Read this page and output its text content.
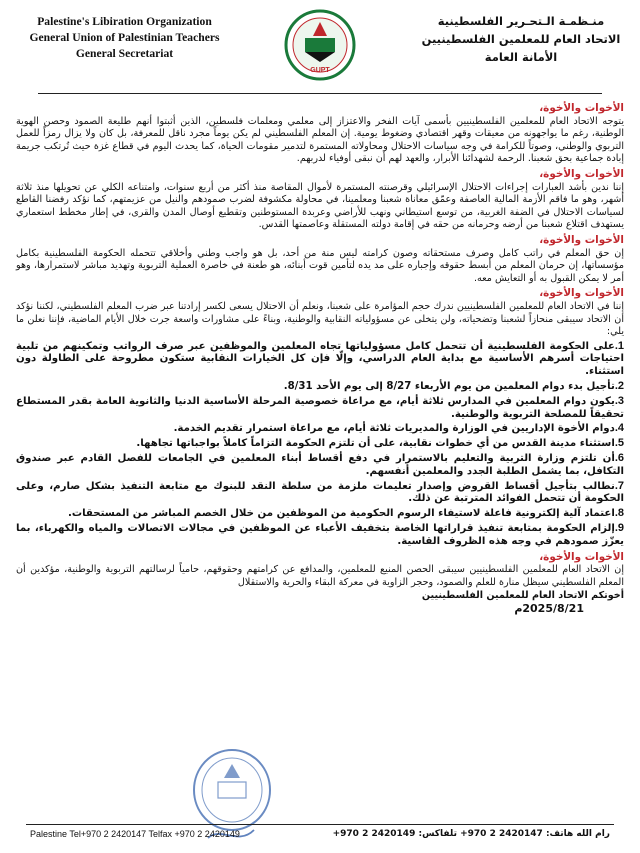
Palestine's Libiration Organization
General Union of Palestinian Teachers
General Secretariat
GUPT
منـظمـة الـتحـرير الفلسطينية
الاتحاد العام للمعلمين الفلسطينيين
الأمانة العامة
الأخوات والأخوة،

يتوجه الاتحاد العام للمعلمين الفلسطينيين بأسمى آيات الفخر والاعتزاز إلى معلمي ومعلمات فلسطين، الذين أثبتوا أنهم طليعة الصمود وحصن الهوية الوطنية، رغم ما يواجهونه من معيقات وقهر اقتصادي وضغوط يومية. إن المعلم الفلسطيني لم يكن يوماً مجرد ناقل للمعرفة، بل كان ولا يزال رمزاً للعمل التربوي والوطني، وصوتاً للكرامة في وجه سياسات الاحتلال ومحاولاته المستمرة لتدمير مقومات الحياة، كما يحدث اليوم في قطاع غزة حيث تُرتكب جريمة إبادة جماعية بحق شعبنا. الرحمة لشهدائنا الأبرار، والعهد لهم أن نبقى أوفياء لدربهم.

الأخوات والأخوة،

إننا ندين بأشد العبارات إجراءات الاحتلال الإسرائيلي وقرصنته المستمرة لأموال المقاصة منذ أكثر من أربع سنوات، وامتناعه الكلي عن تحويلها منذ ثلاثة أشهر، وهو ما فاقم الأزمة المالية العاصفة وعمّق معاناة شعبنا ومعلمينا، في محاولة مكشوفة لضرب صمودهم والنيل من عزيمتهم، كما نؤكد رفضنا القاطع لسياسات الاحتلال في الضفة الغربية، من توسع استيطاني ونهب للأراضي وعربدة المستوطنين وتقطيع أوصال المدن والقرى، في إطار مخطط استعماري يستهدف اقتلاع شعبنا من أرضه وحرمانه من حقه في إقامة دولته المستقلة وعاصمتها القدس.

الأخوات والأخوة،

إن حق المعلم في راتب كامل وصرف مستحقاته وصون كرامته ليس منة من أحد، بل هو واجب وطني وأخلاقي تتحمله الحكومة الفلسطينية بكامل مؤسساتها، إن حرمان المعلم من أبسط حقوقه وإجباره على مد يده لتأمين قوت أبنائه، هو طعنة في خاصرة العملية التربوية وتهديد مباشر لاستمرارها، وهو أمر لا يمكن القبول به أو التعايش معه.

الأخوات والأخوة،

إننا في الاتحاد العام للمعلمين الفلسطينيين ندرك حجم المؤامرة على شعبنا، ونعلم أن الاحتلال يسعى لكسر إرادتنا عبر ضرب المعلم الفلسطيني، لكننا نؤكد أن الاتحاد سيبقى منحازاً لشعبنا وتضحياته، ولن يتخلى عن مسؤولياته النقابية والوطنية، وبناءً على مشاورات واسعة جرت خلال الأيام الماضية، فإننا نعلن ما يلي:

1.على الحكومة الفلسطينية أن تتحمل كامل مسؤولياتها تجاه المعلمين والموظفين عبر صرف الرواتب وتمكينهم من تلبية احتياجات أسرهم الأساسية مع بداية العام الدراسي، وإلّا فإن كل الخيارات النقابية ستكون مطروحة على الطاولة دون استثناء.
2.تأجيل بدء دوام المعلمين من يوم الأربعاء 8/27 إلى يوم الأحد 8/31.
3.يكون دوام المعلمين في المدارس ثلاثة أيام، مع مراعاة خصوصية المرحلة الأساسية الدنيا والثانوية العامة بقدر المستطاع تحقيقاً للمصلحة التربوية والوطنية.
4.دوام الأخوة الإداريين في الوزارة والمديريات ثلاثة أيام، مع مراعاة استمرار تقديم الخدمة.
5.استثناء مدينة القدس من أي خطوات نقابية، على أن تلتزم الحكومة التزاماً كاملاً بواجباتها تجاهها.
6.أن تلتزم وزارة التربية والتعليم بالاستمرار في دفع أقساط أبناء المعلمين في الجامعات للفصل القادم عبر صندوق التكافل، بما يشمل الطلبة الجدد والمعلمين أنفسهم.
7.نطالب بتأجيل أقساط القروض وإصدار تعليمات ملزمة من سلطة النقد للبنوك مع متابعة التنفيذ بشكل صارم، وعلى الحكومة أن تتحمل الفوائد المترتبة عن ذلك.
8.اعتماد آلية إلكترونية فاعلة لاستيفاء الرسوم الحكومية من الموظفين من خلال الخصم المباشر من المستحقات.
9.إلزام الحكومة بمتابعة تنفيذ قراراتها الخاصة بتخفيف الأعباء عن الموظفين في مجالات الاتصالات والمياه والكهرباء، بما يعزّز صمودهم في وجه هذه الظروف القاسية.
الأخوات والأخوة،

إن الاتحاد العام للمعلمين الفلسطينيين سيبقى الحصن المنيع للمعلمين، والمدافع عن كرامتهم وحقوقهم، حامياً لرسالتهم التربوية والوطنية، مؤكدين أن المعلم الفلسطيني سيظل منارة للعلم والصمود، وحجر الزاوية في معركة البقاء والحرية والاستقلال

أخوتكم الاتحاد العام للمعلمين الفلسطينيين
2025/8/21م
Palestine Tel+970 2 2420147 Telfax +970 2 2420149	رام الله هاتف: 2420147 2 970+ تلفاكس: 2420149 2 970+
